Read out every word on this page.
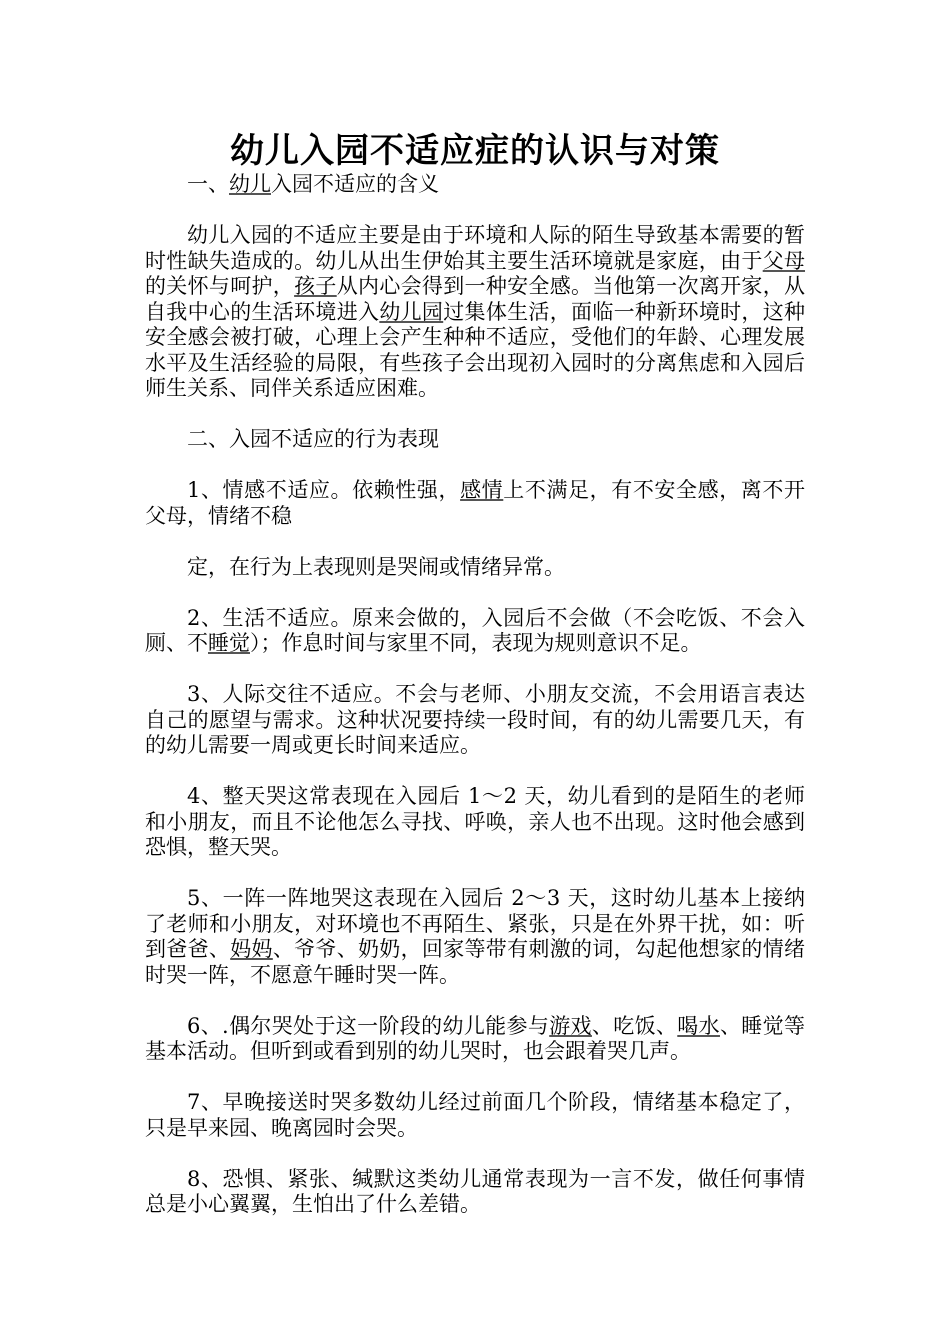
幼儿入园不适应症的认识与对策

一、幼儿入园不适应的含义

幼儿入园的不适应主要是由于环境和人际的陌生导致基本需要的暂时性缺失造成的。幼儿从出生伊始其主要生活环境就是家庭，由于父母的关怀与呵护，孩子从内心会得到一种安全感。当他第一次离开家，从自我中心的生活环境进入幼儿园过集体生活，面临一种新环境时，这种安全感会被打破，心理上会产生种种不适应，受他们的年龄、心理发展水平及生活经验的局限，有些孩子会出现初入园时的分离焦虑和入园后师生关系、同伴关系适应困难。

二、入园不适应的行为表现

1、情感不适应。依赖性强，感情上不满足，有不安全感，离不开父母，情绪不稳

定，在行为上表现则是哭闹或情绪异常。

2、生活不适应。原来会做的，入园后不会做（不会吃饭、不会入厕、不睡觉）；作息时间与家里不同，表现为规则意识不足。

3、人际交往不适应。不会与老师、小朋友交流，不会用语言表达自己的愿望与需求。这种状况要持续一段时间，有的幼儿需要几天，有的幼儿需要一周或更长时间来适应。

4、整天哭这常表现在入园后 1～2 天，幼儿看到的是陌生的老师和小朋友，而且不论他怎么寻找、呼唤，亲人也不出现。这时他会感到恐惧，整天哭。

5、一阵一阵地哭这表现在入园后 2～3 天，这时幼儿基本上接纳了老师和小朋友，对环境也不再陌生、紧张，只是在外界干扰，如：听到爸爸、妈妈、爷爷、奶奶，回家等带有刺激的词，勾起他想家的情绪时哭一阵，不愿意午睡时哭一阵。

6、.偶尔哭处于这一阶段的幼儿能参与游戏、吃饭、喝水、睡觉等基本活动。但听到或看到别的幼儿哭时，也会跟着哭几声。

7、早晚接送时哭多数幼儿经过前面几个阶段，情绪基本稳定了，只是早来园、晚离园时会哭。

8、恐惧、紧张、缄默这类幼儿通常表现为一言不发，做任何事情总是小心翼翼，生怕出了什么差错。
